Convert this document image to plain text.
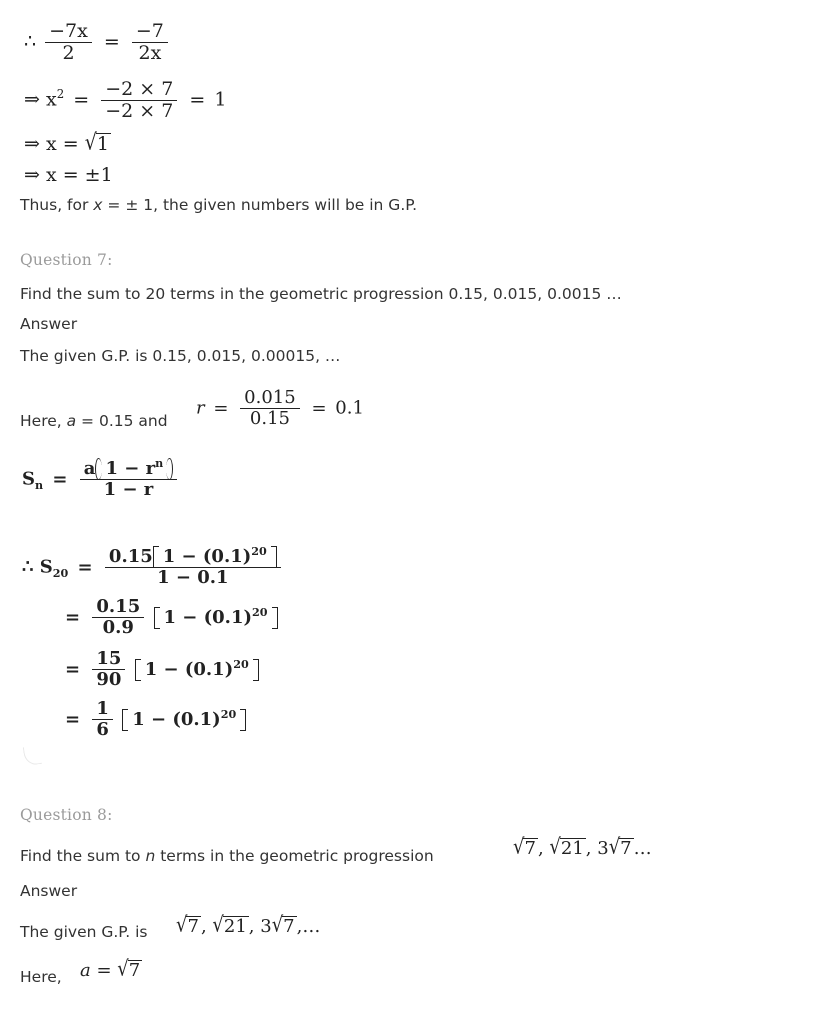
∴ $\frac{-7x}{2} = \frac{-7}{2x}$
⇒ $x^2 = \frac{-2 \times 7}{-2 \times 7} = 1$
⇒ x = √1
⇒ x = ±1
Thus, for x = ± 1, the given numbers will be in G.P.
Question 7:
Find the sum to 20 terms in the geometric progression 0.15, 0.015, 0.0015 …
Answer
The given G.P. is 0.15, 0.015, 0.00015, …
Here, a = 0.15 and
$r = \frac{0.015}{0.15} = 0.1$
$S_n = \frac{a 1 - r^n}{1 - r}$
∴ $S_{20} = \frac{0.15 1 - (0.1)^{20}}{1 - 0.1}$
= $\frac{0.15}{0.9} 1 - (0.1)^{20}$
= $\frac{15}{90} 1 - (0.1)^{20}$
= $\frac{1}{6} 1 - (0.1)^{20}$
Question 8:
Find the sum to n terms in the geometric progression	√7 , √21 , 3√7 …
Answer
The given G.P. is √7 , √21 , 3√7 ,…
Here, a = √7
